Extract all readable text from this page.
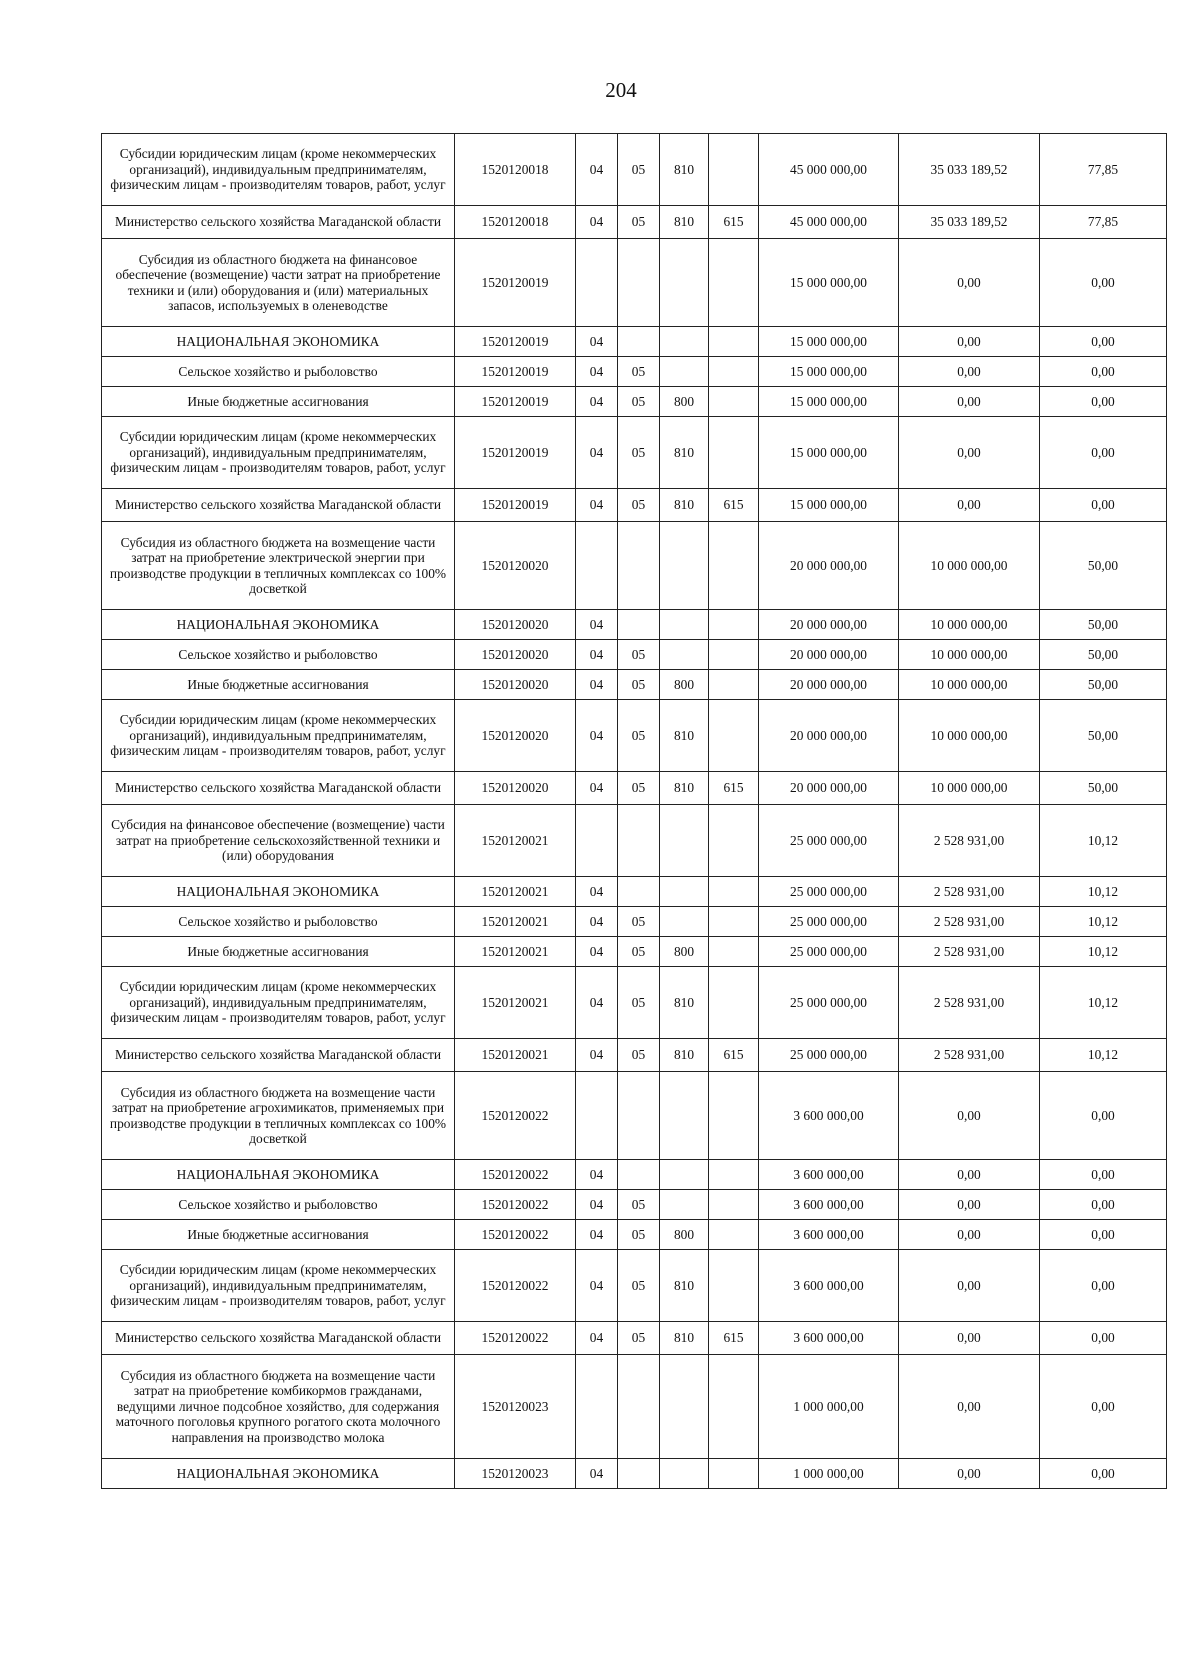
204
Субсидии юридическим лицам (кроме некоммерческих организаций), индивидуальным предпринимателям, физическим лицам - производителям товаров, работ, услуг	1520120018	04	05	810		45 000 000,00	35 033 189,52	77,85
Министерство сельского хозяйства Магаданской области	1520120018	04	05	810	615	45 000 000,00	35 033 189,52	77,85
Субсидия из областного бюджета на финансовое обеспечение (возмещение) части затрат на приобретение техники и (или) оборудования и (или) материальных запасов, используемых в оленеводстве	1520120019					15 000 000,00	0,00	0,00
НАЦИОНАЛЬНАЯ ЭКОНОМИКА	1520120019	04				15 000 000,00	0,00	0,00
Сельское хозяйство и рыболовство	1520120019	04	05			15 000 000,00	0,00	0,00
Иные бюджетные ассигнования	1520120019	04	05	800		15 000 000,00	0,00	0,00
Субсидии юридическим лицам (кроме некоммерческих организаций), индивидуальным предпринимателям, физическим лицам - производителям товаров, работ, услуг	1520120019	04	05	810		15 000 000,00	0,00	0,00
Министерство сельского хозяйства Магаданской области	1520120019	04	05	810	615	15 000 000,00	0,00	0,00
Субсидия из областного бюджета на возмещение части затрат на приобретение электрической энергии при производстве продукции в тепличных комплексах со 100% досветкой	1520120020					20 000 000,00	10 000 000,00	50,00
НАЦИОНАЛЬНАЯ ЭКОНОМИКА	1520120020	04				20 000 000,00	10 000 000,00	50,00
Сельское хозяйство и рыболовство	1520120020	04	05			20 000 000,00	10 000 000,00	50,00
Иные бюджетные ассигнования	1520120020	04	05	800		20 000 000,00	10 000 000,00	50,00
Субсидии юридическим лицам (кроме некоммерческих организаций), индивидуальным предпринимателям, физическим лицам - производителям товаров, работ, услуг	1520120020	04	05	810		20 000 000,00	10 000 000,00	50,00
Министерство сельского хозяйства Магаданской области	1520120020	04	05	810	615	20 000 000,00	10 000 000,00	50,00
Субсидия на финансовое обеспечение (возмещение) части затрат на приобретение сельскохозяйственной техники и (или) оборудования	1520120021					25 000 000,00	2 528 931,00	10,12
НАЦИОНАЛЬНАЯ ЭКОНОМИКА	1520120021	04				25 000 000,00	2 528 931,00	10,12
Сельское хозяйство и рыболовство	1520120021	04	05			25 000 000,00	2 528 931,00	10,12
Иные бюджетные ассигнования	1520120021	04	05	800		25 000 000,00	2 528 931,00	10,12
Субсидии юридическим лицам (кроме некоммерческих организаций), индивидуальным предпринимателям, физическим лицам - производителям товаров, работ, услуг	1520120021	04	05	810		25 000 000,00	2 528 931,00	10,12
Министерство сельского хозяйства Магаданской области	1520120021	04	05	810	615	25 000 000,00	2 528 931,00	10,12
Субсидия из областного бюджета на возмещение части затрат на приобретение агрохимикатов, применяемых при производстве продукции в тепличных комплексах со 100% досветкой	1520120022					3 600 000,00	0,00	0,00
НАЦИОНАЛЬНАЯ ЭКОНОМИКА	1520120022	04				3 600 000,00	0,00	0,00
Сельское хозяйство и рыболовство	1520120022	04	05			3 600 000,00	0,00	0,00
Иные бюджетные ассигнования	1520120022	04	05	800		3 600 000,00	0,00	0,00
Субсидии юридическим лицам (кроме некоммерческих организаций), индивидуальным предпринимателям, физическим лицам - производителям товаров, работ, услуг	1520120022	04	05	810		3 600 000,00	0,00	0,00
Министерство сельского хозяйства Магаданской области	1520120022	04	05	810	615	3 600 000,00	0,00	0,00
Субсидия из областного бюджета на возмещение части затрат на приобретение комбикормов гражданами, ведущими личное подсобное хозяйство, для содержания маточного поголовья крупного рогатого скота молочного направления на производство молока	1520120023					1 000 000,00	0,00	0,00
НАЦИОНАЛЬНАЯ ЭКОНОМИКА	1520120023	04				1 000 000,00	0,00	0,00
